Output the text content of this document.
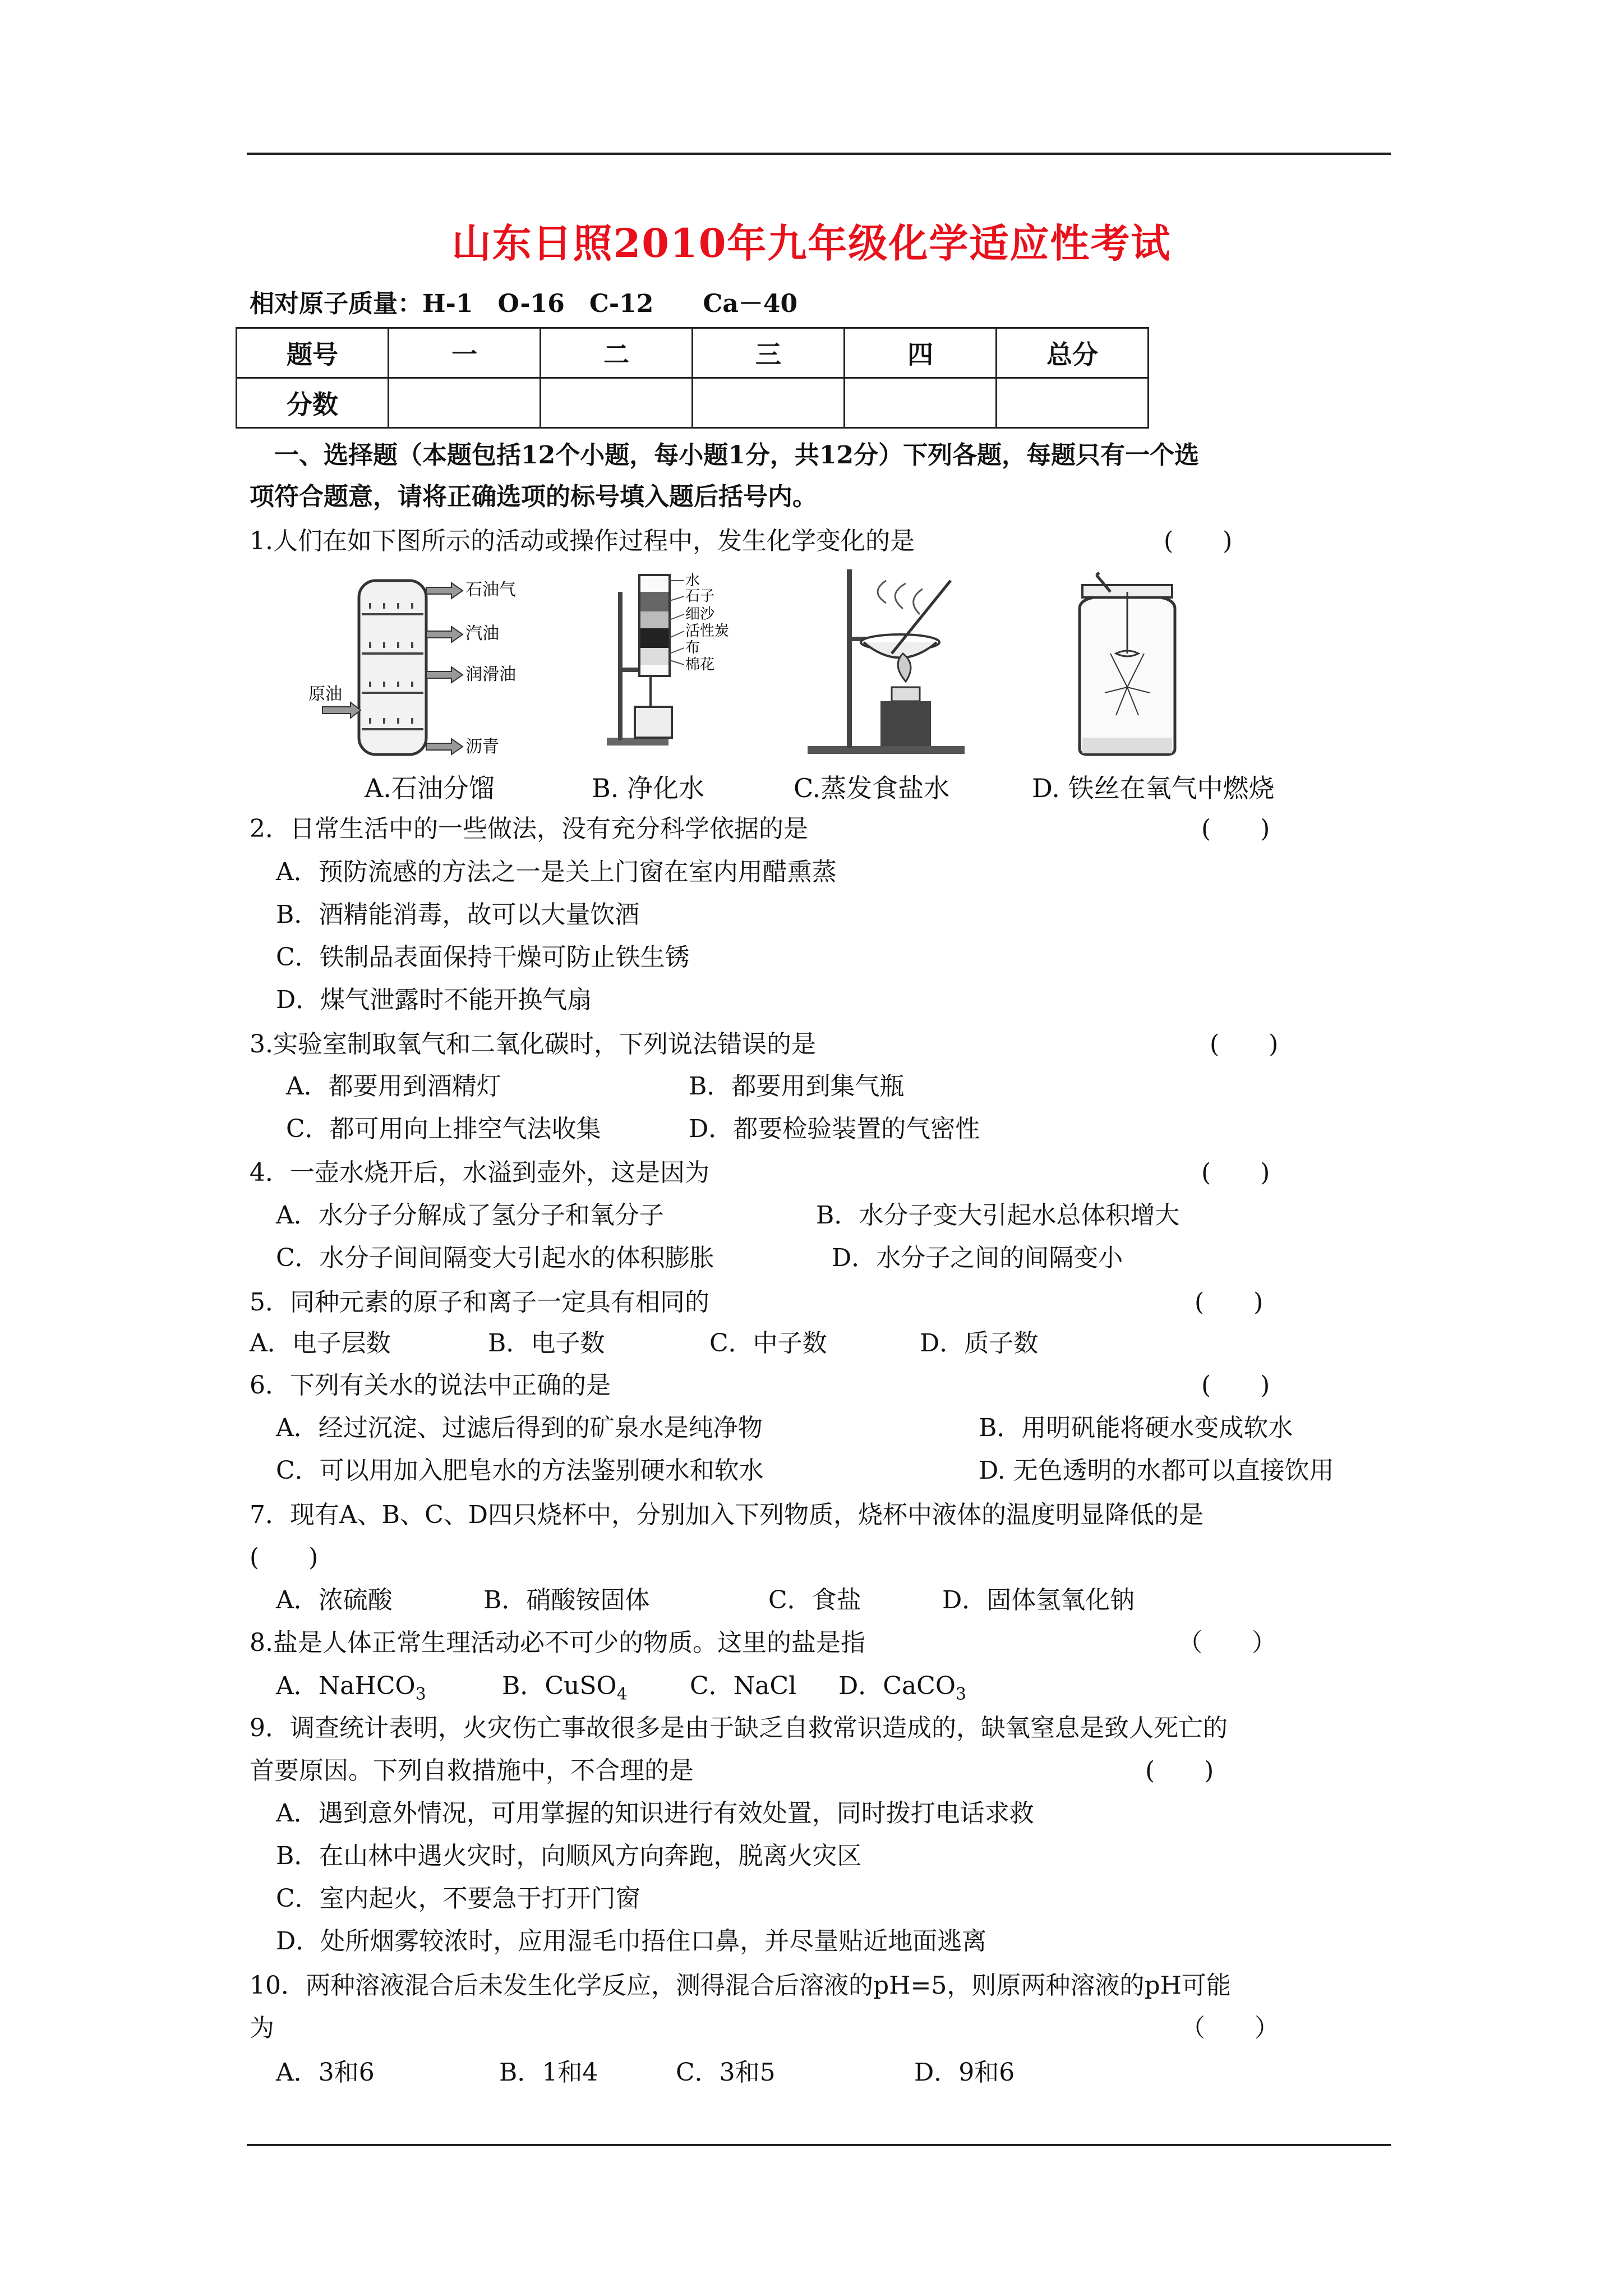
山东日照2010年九年级化学适应性考试
相对原子质量：H-1　O-16　C-12　　Ca－40
题号	一	二	三	四	总分
分数					
　一、选择题（本题包括12个小题，每小题1分，共12分）下列各题，每题只有一个选
项符合题意，请将正确选项的标号填入题后括号内。
1.人们在如下图所示的活动或操作过程中，发生化学变化的是	(　　)
石油气
汽油
润滑油
原油
沥青
水
石子
细沙
活性炭
布
棉花
A.石油分馏	B. 净化水	C.蒸发食盐水	D. 铁丝在氧气中燃烧
2．日常生活中的一些做法，没有充分科学依据的是	(　　)
A．预防流感的方法之一是关上门窗在室内用醋熏蒸
B．酒精能消毒，故可以大量饮酒
C．铁制品表面保持干燥可防止铁生锈
D．煤气泄露时不能开换气扇
3.实验室制取氧气和二氧化碳时，下列说法错误的是	(　　)
A．都要用到酒精灯	B．都要用到集气瓶
C．都可用向上排空气法收集	D．都要检验装置的气密性
4．一壶水烧开后，水溢到壶外，这是因为	(　　)
A．水分子分解成了氢分子和氧分子	B．水分子变大引起水总体积增大
C．水分子间间隔变大引起水的体积膨胀	D．水分子之间的间隔变小
5．同种元素的原子和离子一定具有相同的	(　　)
A．电子层数	B．电子数	C．中子数	D．质子数
6．下列有关水的说法中正确的是	(　　)
A．经过沉淀、过滤后得到的矿泉水是纯净物	B．用明矾能将硬水变成软水
C．可以用加入肥皂水的方法鉴别硬水和软水	D. 无色透明的水都可以直接饮用
7．现有A、B、C、D四只烧杯中，分别加入下列物质，烧杯中液体的温度明显降低的是
(　　)
A．浓硫酸	B．硝酸铵固体	C．食盐	D．固体氢氧化钠
8.盐是人体正常生理活动必不可少的物质。这里的盐是指	（　　）
A．NaHCO$_3$	B．CuSO$_4$	C．NaCl D．CaCO$_3$
9．调查统计表明，火灾伤亡事故很多是由于缺乏自救常识造成的，缺氧窒息是致人死亡的
首要原因。下列自救措施中，不合理的是	(　　)
A．遇到意外情况，可用掌握的知识进行有效处置，同时拨打电话求救
B．在山林中遇火灾时，向顺风方向奔跑，脱离火灾区
C．室内起火，不要急于打开门窗
D．处所烟雾较浓时，应用湿毛巾捂住口鼻，并尽量贴近地面逃离
10．两种溶液混合后未发生化学反应，测得混合后溶液的pH=5，则原两种溶液的pH可能
为	（　　）
A．3和6	B．1和4	C．3和5	D．9和6
